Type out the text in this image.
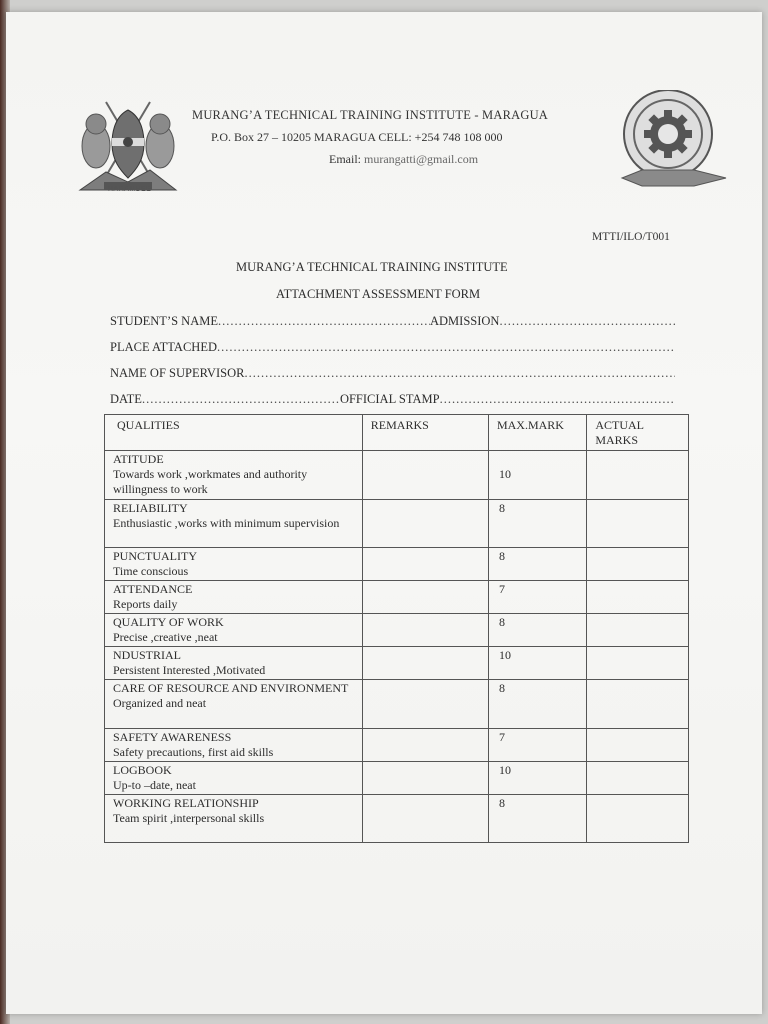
HARAMBEE
MURANG’A TECHNICAL TRAINING INSTITUTE - MARAGUA
P.O. Box 27 – 10205 MARAGUA CELL: +254 748 108 000
Email: murangatti@gmail.com
MTTI/ILO/T001
MURANG’A TECHNICAL TRAINING INSTITUTE
ATTACHMENT ASSESSMENT FORM
STUDENT’S NAME .....	ADMISSION
.....
PLACE ATTACHED
.....
NAME OF SUPERVISOR
.....
DATE .....	OFFICIAL STAMP
.....
QUALITIES	REMARKS	MAX.MARK	ACTUAL MARKS

ATITUDE
Towards work ,workmates and authority willingness to work		10	

RELIABILITY
Enthusiastic ,works with minimum supervision		8	

PUNCTUALITY
Time conscious		8	

ATTENDANCE
Reports daily		7	

QUALITY OF WORK
Precise ,creative ,neat		8	

NDUSTRIAL
Persistent Interested ,Motivated		10	

CARE OF RESOURCE AND ENVIRONMENT
Organized and neat		8	

SAFETY AWARENESS
Safety precautions, first aid skills		7	

LOGBOOK
Up-to –date, neat		10	

WORKING RELATIONSHIP
Team spirit ,interpersonal skills		8	
